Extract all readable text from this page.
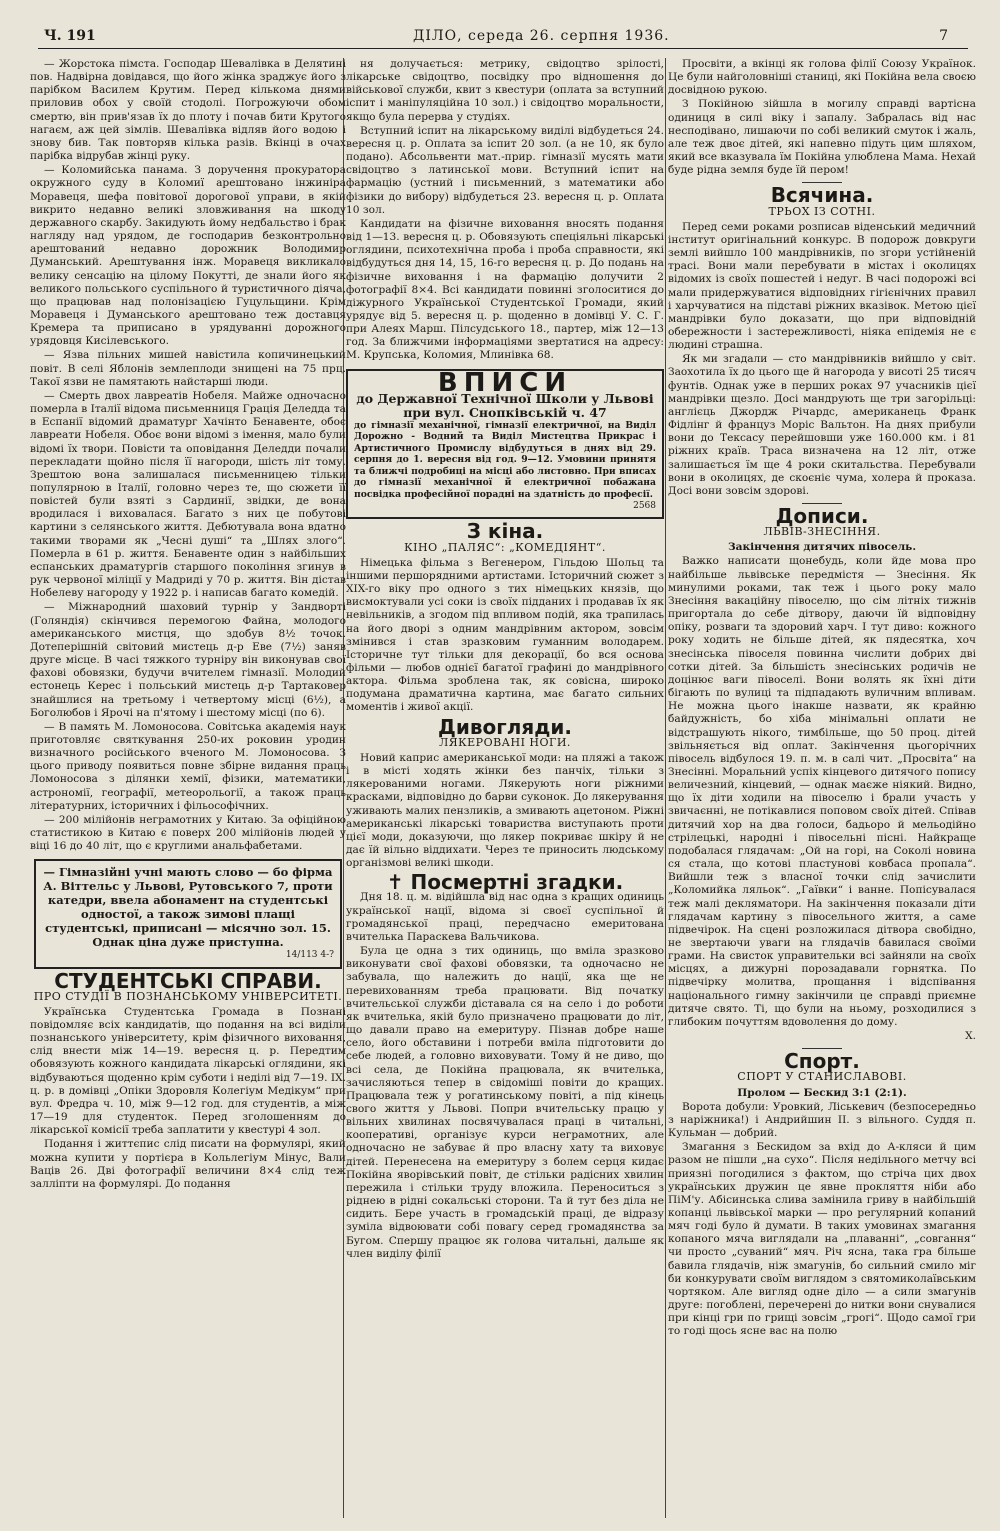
Ч. 191	ДІЛО, середа 26. серпня 1936.	7

— Жорстока пімста. Господар Шевалівка в Делятині пов. Надвірна довідався, що його жінка зраджує його з парібком Василем Крутим. Перед кількома днями приловив обох у своїй стодолі. Погрожуючи обом смертю, він прив'язав їх до плоту і почав бити Крутого нагаєм, аж цей зімлів. Шевалівка відляв його водою і знову бив. Так повторяв кілька разів. Вкінці в очах парібка відрубав жінці руку.

— Коломийська панама. З доручення прокуратора окружного суду в Коломиї арештовано інжиніра Моравеця, шефа повітової дорогової управи, в якій викрито недавно великі зловживання на шкоду державного скарбу. Закидують йому недбальство і брак нагляду над урядом, де господарив безконтрольно арештований недавно дорожник Володимир Думанський. Арештування інж. Моравеця викликало велику сенсацію на цілому Покутті, де знали його як великого польського суспільного й туристичного діяча, що працював над полонізацією Гуцульщини. Крім Моравеця і Думанського арештовано теж доставця Кремера та приписано в урядуванні дорожного урядовця Кисілевського.

— Язва пільних мишей навістила копичинецький повіт. В селі Яблонів землеплоди знищені на 75 прц. Такої язви не памятають найстарші люди.

— Смерть двох лавреатів Нобеля. Майже одночасно померла в Італії відома письменниця Грація Деледда та в Еспанії відомий драматург Хачінто Бенавенте, обоє лавреати Нобеля. Обоє вони відомі з імення, мало були відомі їх твори. Повісти та оповідання Деледди почали перекладати щойно після її нагороди, шість літ тому. Зрештою вона залишалася письменницею тільки популярною в Італії, головно через те, що сюжети її повістей були взяті з Сардинії, звідки, де вона вродилася і виховалася. Багато з них це побутові картини з селянського життя. Дебютувала вона вдатно такими творами як „Чесні душі“ та „Шлях злого“. Померла в 61 р. життя. Бенавенте один з найбільших еспанських драматургів старшого покоління згинув в рук червоної міліції у Мадриді у 70 р. життя. Він дістав Нобелеву нагороду у 1922 р. і написав багато комедій.

— Міжнародний шаховий турнір у Зандворті (Голяндія) скінчився перемогою Файна, молодого американського мистця, що здобув 8½ точок. Дотеперішній світовий мистець д-р Еве (7½) заняв друге місце. В часі тяжкого турніру він виконував свої фахові обовязки, будучи вчителем гімназії. Молодий естонець Керес і польський мистець д-р Тартаковер знайшлися на третьому і четвертому місці (6½), а Боголюбов і Ярочі на п'ятому і шестому місці (по 6).

— В память М. Ломоносова. Совітська академія наук приготовляє святкування 250-их роковин уродин визначного російського вченого М. Ломоносова. З цього приводу появиться повне збірне видання праць Ломоносова з ділянки хемії, фізики, математики, астрономії, географії, метеорольогії, а також праць літературних, історичних і фільософічних.

— 200 мілійонів неграмотних у Китаю. За офіційною статистикою в Китаю є поверх 200 мілійонів людей у віці 16 до 40 літ, що є круглими анальфабетами.

— Гімназійні учні мають слово — бо фірма А. Віттельс у Львові, Рутовського 7, проти катедри, ввела абонамент на студентські одностої, а також зимові плащі студентські, приписані — місячно зол. 15. Однак ціна дуже приступна.
14/113 4-?
СТУДЕНТСЬКІ СПРАВИ.
ПРО СТУДІЇ В ПОЗНАНСЬКОМУ УНІВЕРСИТЕТІ.

Українська Студентська Громада в Познані повідомляє всіх кандидатів, що подання на всі виділи познанського університету, крім фізичного виховання, слід внести між 14—19. вересня ц. р. Передтим обовязують кожного кандидата лікарські оглядини, які відбуваються щоденно крім суботи і неділі від 7—19. IX. ц. р. в домівці „Опіки Здоровля Колегіум Медікум“ при вул. Фредра ч. 10, між 9—12 год. для студентів, а між 17—19 для студенток. Перед зголошенням до лікарської комісії треба заплатити у квестурі 4 зол.

Подання і життєпис слід писати на формулярі, який можна купити у портієра в Кольлегіум Мінус, Вали Ваців 26. Дві фотографії величини 8×4 слід теж залліпти на формулярі. До подання

ня долучається: метрику, свідоцтво зрілості, лікарське свідоцтво, посвідку про відношення до військової служби, квит з квестури (оплата за вступний іспит і маніпуляційна 10 зол.) і свідоцтво моральности, якщо була перерва у студіях.

Вступний іспит на лікарському виділі відбудеться 24. вересня ц. р. Оплата за іспит 20 зол. (а не 10, як було подано). Абсольвенти мат.-прир. гімназії мусять мати свідоцтво з латинської мови. Вступний іспит на фармацію (устний і письменний, з математики або фізики до вибору) відбудеться 23. вересня ц. р. Оплата 10 зол.

Кандидати на фізичне виховання вносять подання від 1—13. вересня ц. р. Обовязують спеціяльні лікарські оглядини, психотехнічна проба і проба справности, які відбудуться дня 14, 15, 16-го вересня ц. р. До подань на фізичне виховання і на фармацію долучити 2 фотографії 8×4. Всі кандидати повинні зголоситися до діжурного Української Студентської Громади, який урядує від 5. вересня ц. р. щоденно в домівці У. С. Г. при Алеях Марш. Пілсудського 18., партер, між 12—13 год. За ближчими інформаціями звертатися на адресу: М. Крупська, Коломия, Млинівка 68.

ВПИСИ
до Державної Технічної Школи у Львові
при вул. Снопківській ч. 47
до гімназії механічної, гімназії електричної, на Виділ Дорожно - Водний та Виділ Мистецтва Прикрас і Артистичного Промислу відбудуться в днях від 29. серпня до 1. вересня від год. 9—12. Умовини принятя та ближчі подробиці на місці або листовно. При вписах до гімназії механічної й електричної побажана посвідка професійної порадні на здатність до професії.
2568
З кіна.
КІНО „ПАЛЯС“: „КОМЕДІЯНТ“.

Німецька фільма з Вегенером, Гільдою Шольц та іншими першорядними артистами. Історичний сюжет з XIX-го віку про одного з тих німецьких князів, що висмоктували усі соки із своїх підданих і продавав їх як невільників, а згодом під впливом подій, яка трапилась на його дворі з одним мандрівним актором, зовсім змінився і став зразковим гуманним володарем. Історичне тут тільки для декорації, бо вся основа фільми — любов однієї багатої графині до мандрівного актора. Фільма зроблена так, як совісна, широко подумана драматична картина, має багато сильних моментів і живої акції.

Дивогляди.
ЛЯКЕРОВАНІ НОГИ.

Новий каприс американської моди: на пляжі а також і в місті ходять жінки без панчіх, тільки з лякерованими ногами. Лякерують ноги ріжними красками, відповідно до барви суконок. До лякерування уживають малих пензликів, а змивають ацетоном. Ріжні американські лікарські товариства виступають проти цієї моди, доказуючи, що лякер покриває шкіру й не дає їй вільно віддихати. Через те приносить людському організмові великі шкоди.

✝ Посмертні згадки.

Дня 18. ц. м. відійшла від нас одна з кращих одиниць української нації, відома зі своєї суспільної й громадянської праці, передчасно емеритована вчителька Параскева Вальчикова.

Була це одна з тих одиниць, що вміла зразково виконувати свої фахові обовязки, та одночасно не забувала, що належить до нації, яка ще не перевихованням треба працювати. Від початку вчительської служби діставала ся на село і до роботи як вчителька, якій було призначено працювати до літ, що давали право на емеритуру. Пізнав добре наше село, його обставини і потреби вміла підготовити до себе людей, а головно виховувати. Тому й не диво, що всі села, де Покійна працювала, як вчителька, зачисляються тепер в свідоміші повіти до кращих. Працювала теж у рогатинському повіті, а під кінець свого життя у Львові. Попри вчительську працю у вільних хвилинах посвячувалася праці в читальні, кооперативі, організує курси неграмотних, але одночасно не забуває й про власну хату та виховує дітей. Перенесена на емеритуру з болем серця кидає Покійна яворівський повіт, де стільки радісних хвилин пережила і стільки труду вложила. Переноситься з ріднею в рідні сокальські сторони. Та й тут без діла не сидить. Бере участь в громадській праці, де відразу зуміла відвоювати собі повагу серед громадянства за Бугом. Спершу працює як голова читальні, дальше як член виділу філії

Просвіти, а вкінці як голова філії Союзу Українок. Це були найголовніші станиці, які Покійна вела своєю досвідною рукою.

З Покійною зійшла в могилу справді вартісна одиниця в силі віку і запалу. Забралась від нас несподівано, лишаючи по собі великий смуток і жаль, але теж двоє дітей, які напевно підуть цим шляхом, який все вказувала їм Покійна улюблена Мама. Нехай буде рідна земля буде їй пером!

Всячина.
ТРЬОХ ІЗ СОТНІ.

Перед семи роками розписав віденський медичний інститут оригінальний конкурс. В подорож довкруги землі вийшло 100 мандрівників, по згори устійненій трасі. Вони мали перебувати в містах і околицях відомих із своїх пошестей і недуг. В часі подорожі всі мали придержуватися відповідних гігієнічних правил і харчуватися на підставі ріжних вказівок. Метою цієї мандрівки було доказати, що при відповідній обережности і застережливості, ніяка епідемія не є людині страшна.

Як ми згадали — сто мандрівників вийшло у світ. Заохотила їх до цього ще й нагорода у висоті 25 тисяч фунтів. Однак уже в перших роках 97 учасників цієї мандрівки щезло. Досі мандрують ще три загорільці: англієць Джордж Річардс, американець Франк Фідлінг й француз Моріс Вальтон. На днях прибули вони до Тексасу перейшовши уже 160.000 км. і 81 ріжних країв. Траса визначена на 12 літ, отже залишається їм ще 4 роки скитальства. Перебували вони в околицях, де скоєніє чума, холера й проказа. Досі вони зовсім здорові.

Дописи.
ЛЬВІВ-ЗНЕСІННЯ.

Закінчення дитячих півосель.

Важко написати щонебудь, коли йде мова про найбільше львівське передмістя — Знесіння. Як минулими роками, так теж і цього року мало Знесіння вакаційну півоселю, що сім літніх тижнів пригортала до себе дітвору, даючи їй відповідну опіку, розваги та здоровий харч. І тут диво: кожного року ходить не більше дітей, як пядесятка, хоч знесінська півоселя повинна числити добрих дві сотки дітей. За більшість знесінських родичів не доцінює ваги півоселі. Вони волять як їхні діти бігають по вулиці та підпадають вуличним впливам. Не можна цього інакше назвати, як крайню байдужність, бо хіба мінімальні оплати не відстрашують нікого, тимбільше, що 50 проц. дітей звільняється від оплат. Закінчення цьогорічних півосель відбулося 19. п. м. в салі чит. „Просвіта“ на Знесінні. Моральний успіх кінцевого дитячого попису величезний, кінцевий, — однак маєже ніякий. Видно, що їх діти ходили на півоселю і брали участь у звичаєнні, не потікавлися поповом своїх дітей. Співав дитячий хор на два голоси, бадьоро й мельодійно стрілецькі, народні і півосельні пісні. Найкраще подобалася глядачам: „Ой на горі, на Соколі новина ся стала, що котові пластунові ковбаса пропала“. Вийшли теж з власної точки слід зачислити „Коломийка ляльок“. „Гаївки“ і ванне. Попісувалася теж малі декляматори. На закінчення показали діти глядачам картину з півосельного життя, а саме підвечірок. На сцені розложилася дітвора свобідно, не звертаючи уваги на глядачів бавилася своїми грами. На свисток управительки всі зайняли на своїх місцях, а дижурні порозадавали горнятка. По підвечірку молитва, прощання і відспівання національного гимну закінчили це справді приємне дитяче свято. Ті, що були на ньому, розходилися з глибоким почуттям вдоволення до дому.

Х.

Спорт.
СПОРТ У СТАНИСЛАВОВІ.

Пролом — Бескид 3:1 (2:1).

Ворота добули: Уровкий, Ліськевич (безпосередньо з наріжника!) і Андрийшин II. з вільного. Суддя п. Кульман — добрий.

Змагання з Бескидом за вхід до А-кляси й цим разом не пішли „на сухо“. Після недільного метчу всі приязні погодилися з фактом, що стріча цих двох українських дружин це явне прокляття ніби або ПіМ'у. Абісинська слива замінила гриву в найбільшій копанці львівської марки — про регулярний копаний мяч годі було й думати. В таких умовинах змагання копаного мяча виглядали на „плаванні“, „совгання“ чи просто „суваний“ мяч. Річ ясна, така гра більше бавила глядачів, ніж змагунів, бо сильний смило міг би конкурувати своїм виглядом з святомиколаївським чортяком. Але вигляд одне діло — а сили змагунів друге: погоблені, перечерені до нитки вони снувалися при кінці гри по грищі зовсім „грогі“. Щодо самої гри то годі щось ясне вас на полю
